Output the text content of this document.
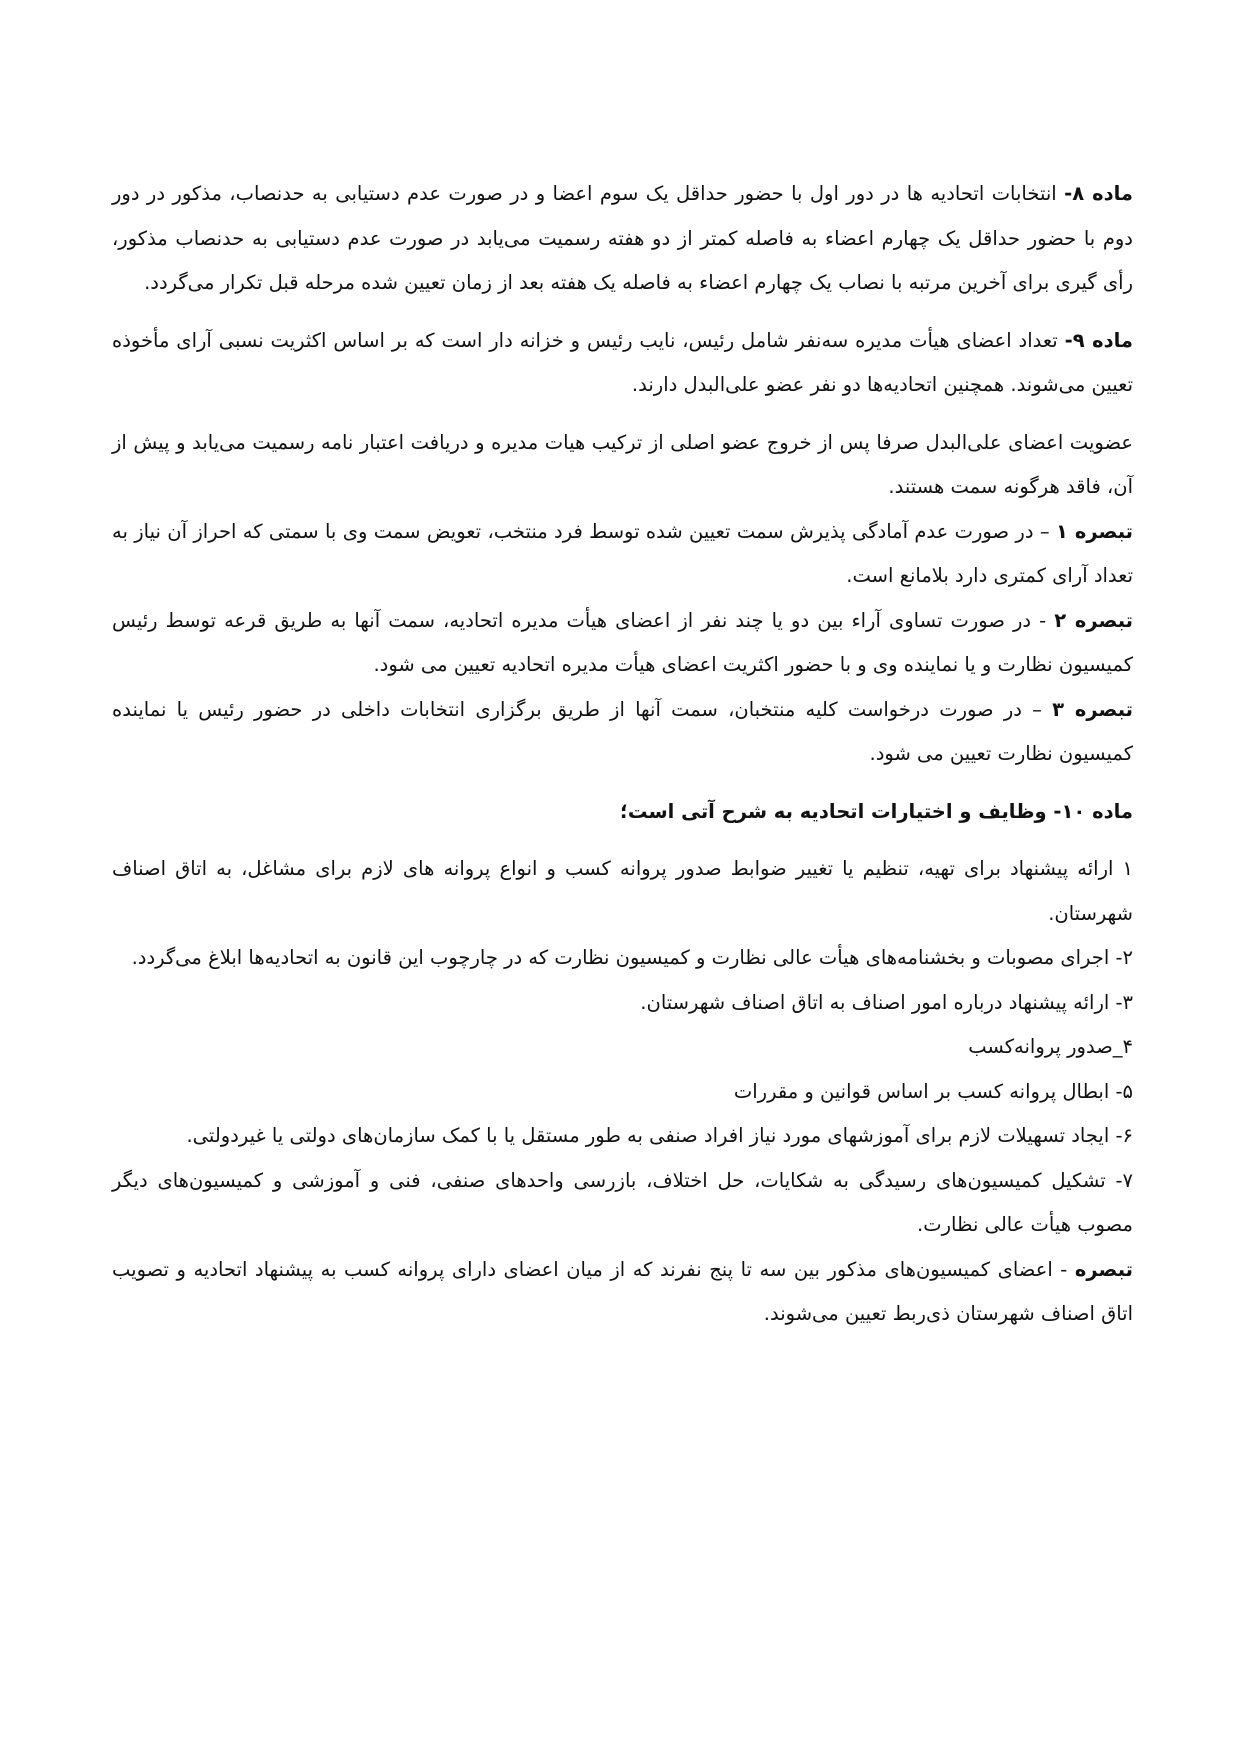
ماده ۸- انتخابات اتحادیه ها در دور اول با حضور حداقل یک سوم اعضا و در صورت عدم دستیابی به حدنصاب، مذکور در دور دوم با حضور حداقل یک چهارم اعضاء به فاصله کمتر از دو هفته رسمیت می‌یابد در صورت عدم دستیابی به حدنصاب مذکور، رأی گیری برای آخرین مرتبه با نصاب یک چهارم اعضاء به فاصله یک هفته بعد از زمان تعیین شده مرحله قبل تکرار می‌گردد.

ماده ۹- تعداد اعضای هیأت مدیره سه‌نفر شامل رئیس، نایب رئیس و خزانه دار است که بر اساس اکثریت نسبی آرای مأخوذه تعیین می‌شوند. همچنین اتحادیه‌ها دو نفر عضو علی‌البدل دارند.

عضویت اعضای علی‌البدل صرفا پس از خروج عضو اصلی از ترکیب هیات مدیره و دریافت اعتبار نامه رسمیت می‌یابد و پیش از آن، فاقد هرگونه سمت هستند.

تبصره ۱ – در صورت عدم آمادگی پذیرش سمت تعیین شده توسط فرد منتخب، تعویض سمت وی با سمتی که احراز آن نیاز به تعداد آرای کمتری دارد بلامانع است.

تبصره ۲ - در صورت تساوی آراء بین دو یا چند نفر از اعضای هیأت مدیره اتحادیه، سمت آنها به طریق قرعه توسط رئیس کمیسیون نظارت و یا نماینده وی و با حضور اکثریت اعضای هیأت مدیره اتحادیه تعیین می شود.

تبصره ۳ – در صورت درخواست کلیه منتخبان، سمت آنها از طریق برگزاری انتخابات داخلی در حضور رئیس یا نماینده کمیسیون نظارت تعیین می شود.

ماده ۱۰- وظایف و اختیارات اتحادیه به شرح آتی است؛

۱ ارائه پیشنهاد برای تهیه، تنظیم یا تغییر ضوابط صدور پروانه کسب و انواع پروانه های لازم برای مشاغل، به اتاق اصناف شهرستان.

۲- اجرای مصوبات و بخشنامه‌های هیأت عالی نظارت و کمیسیون نظارت که در چارچوب این قانون به اتحادیه‌ها ابلاغ می‌گردد.

۳- ارائه پیشنهاد درباره امور اصناف به اتاق اصناف شهرستان.

۴_صدور پروانه‌کسب

۵- ابطال پروانه کسب بر اساس قوانین و مقررات

۶- ایجاد تسهیلات لازم برای آموزشهای مورد نیاز افراد صنفی به طور مستقل یا با کمک سازمان‌های دولتی یا غیردولتی.

۷- تشکیل کمیسیون‌های رسیدگی به شکایات، حل اختلاف، بازرسی واحدهای صنفی، فنی و آموزشی و کمیسیون‌های دیگر مصوب هیأت عالی نظارت.

تبصره - اعضای کمیسیون‌های مذکور بین سه تا پنج نفرند که از میان اعضای دارای پروانه کسب به پیشنهاد اتحادیه و تصویب اتاق اصناف شهرستان ذی‌ربط تعیین می‌شوند.
